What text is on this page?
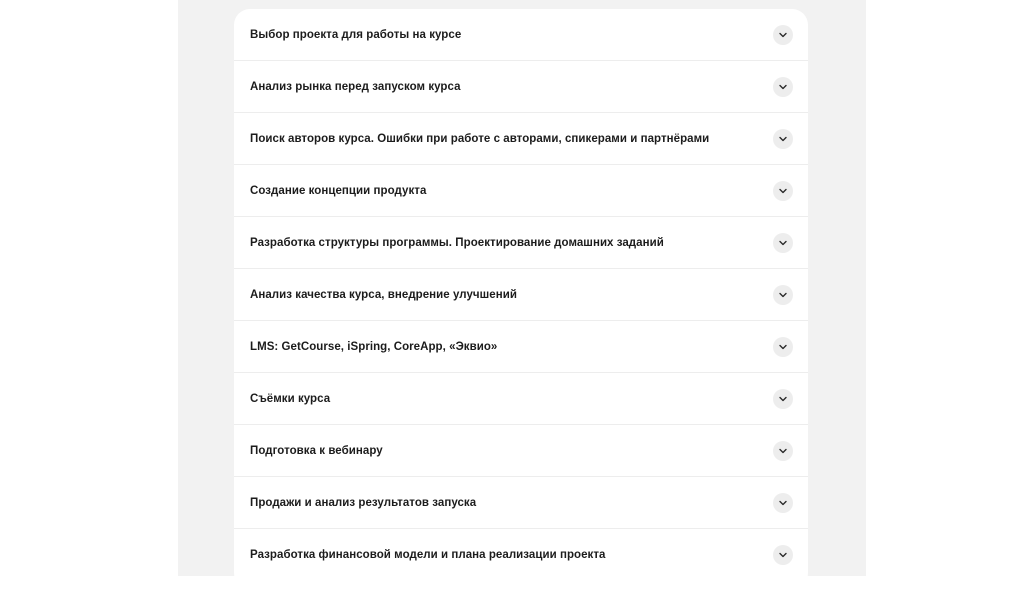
Выбор проекта для работы на курсе
Анализ рынка перед запуском курса
Поиск авторов курса. Ошибки при работе с авторами, спикерами и партнёрами
Создание концепции продукта
Разработка структуры программы. Проектирование домашних заданий
Анализ качества курса, внедрение улучшений
LMS: GetCourse, iSpring, CoreApp, «Эквио»
Съёмки курса
Подготовка к вебинару
Продажи и анализ результатов запуска
Разработка финансовой модели и плана реализации проекта
